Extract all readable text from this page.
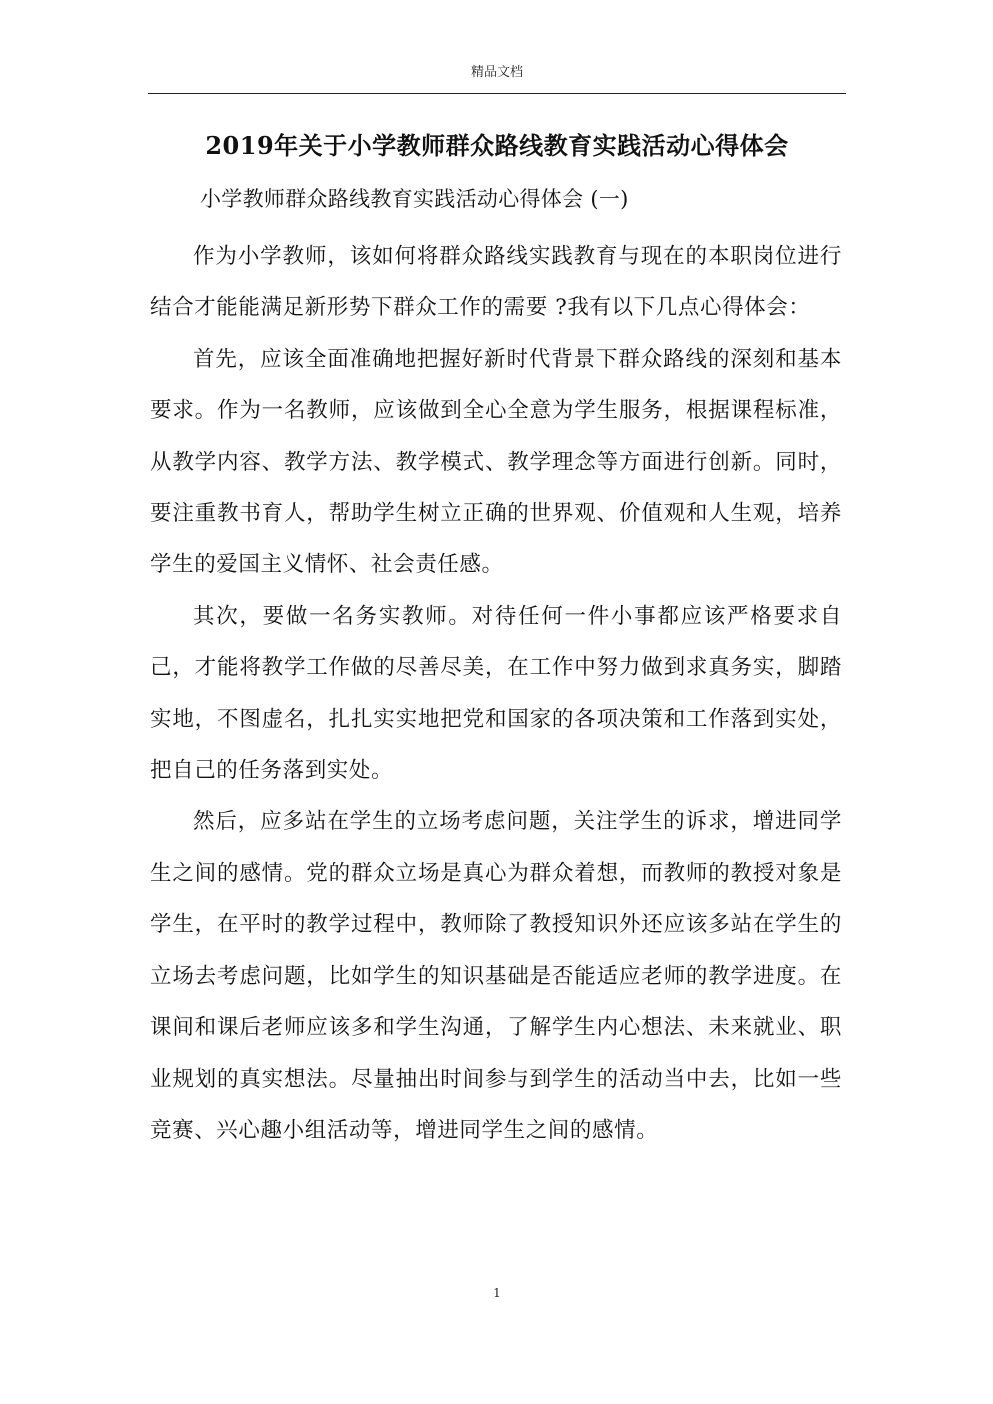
精品文档
2019年关于小学教师群众路线教育实践活动心得体会
小学教师群众路线教育实践活动心得体会 (一)

作为小学教师，该如何将群众路线实践教育与现在的本职岗位进行结合才能能满足新形势下群众工作的需要 ?我有以下几点心得体会：

首先，应该全面准确地把握好新时代背景下群众路线的深刻和基本要求。作为一名教师，应该做到全心全意为学生服务，根据课程标准，从教学内容、教学方法、教学模式、教学理念等方面进行创新。同时，要注重教书育人，帮助学生树立正确的世界观、价值观和人生观，培养学生的爱国主义情怀、社会责任感。

其次，要做一名务实教师。对待任何一件小事都应该严格要求自己，才能将教学工作做的尽善尽美，在工作中努力做到求真务实，脚踏实地，不图虚名，扎扎实实地把党和国家的各项决策和工作落到实处，把自己的任务落到实处。

然后，应多站在学生的立场考虑问题，关注学生的诉求，增进同学生之间的感情。党的群众立场是真心为群众着想，而教师的教授对象是学生，在平时的教学过程中，教师除了教授知识外还应该多站在学生的立场去考虑问题，比如学生的知识基础是否能适应老师的教学进度。在课间和课后老师应该多和学生沟通，了解学生内心想法、未来就业、职业规划的真实想法。尽量抽出时间参与到学生的活动当中去，比如一些竞赛、兴心趣小组活动等，增进同学生之间的感情。

1
